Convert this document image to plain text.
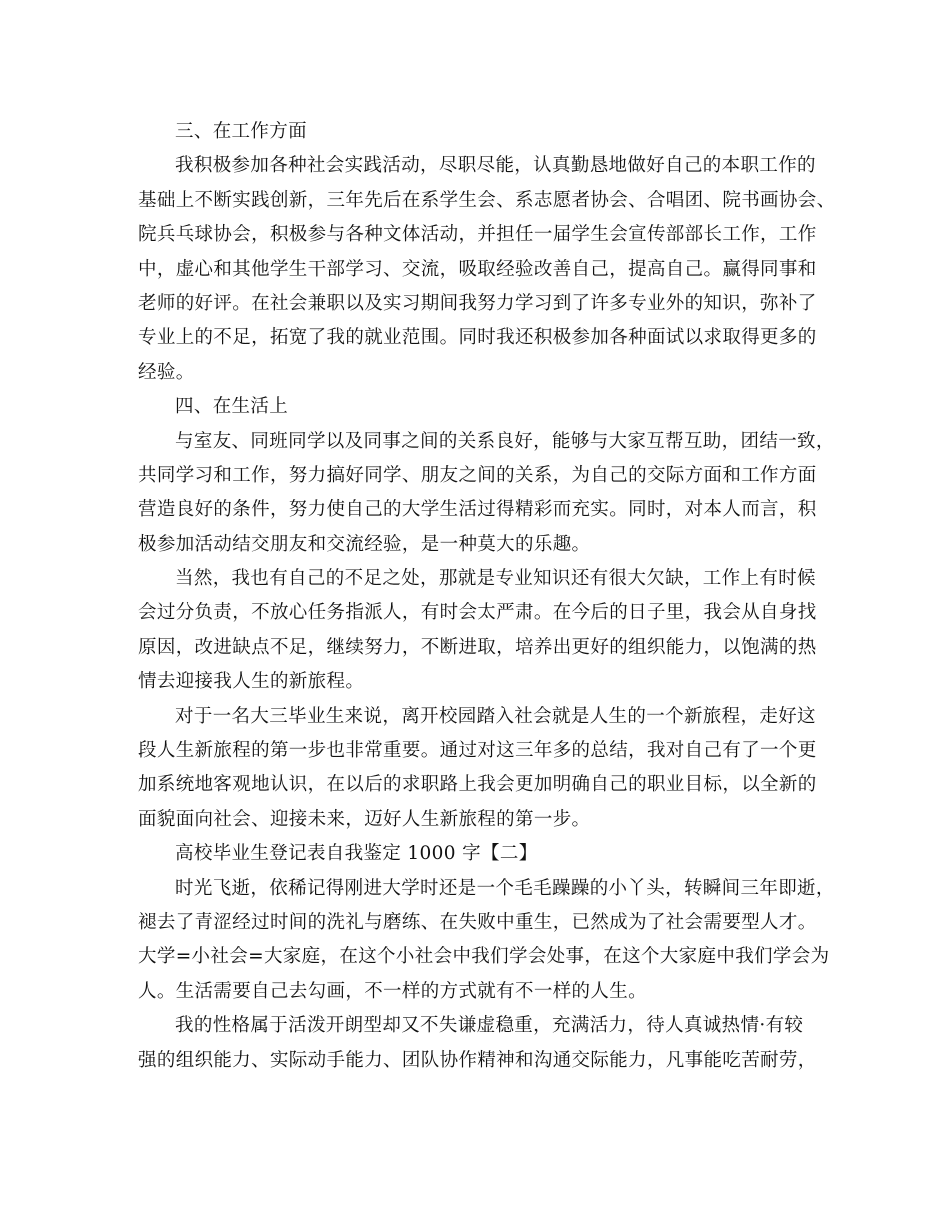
三、在工作方面
我积极参加各种社会实践活动，尽职尽能，认真勤恳地做好自己的本职工作的
基础上不断实践创新，三年先后在系学生会、系志愿者协会、合唱团、院书画协会、
院兵乓球协会，积极参与各种文体活动，并担任一届学生会宣传部部长工作，工作
中，虚心和其他学生干部学习、交流，吸取经验改善自己，提高自己。赢得同事和
老师的好评。在社会兼职以及实习期间我努力学习到了许多专业外的知识，弥补了
专业上的不足，拓宽了我的就业范围。同时我还积极参加各种面试以求取得更多的
经验。
四、在生活上
与室友、同班同学以及同事之间的关系良好，能够与大家互帮互助，团结一致，
共同学习和工作，努力搞好同学、朋友之间的关系，为自己的交际方面和工作方面
营造良好的条件，努力使自己的大学生活过得精彩而充实。同时，对本人而言，积
极参加活动结交朋友和交流经验，是一种莫大的乐趣。
当然，我也有自己的不足之处，那就是专业知识还有很大欠缺，工作上有时候
会过分负责，不放心任务指派人，有时会太严肃。在今后的日子里，我会从自身找
原因，改进缺点不足，继续努力，不断进取，培养出更好的组织能力，以饱满的热
情去迎接我人生的新旅程。
对于一名大三毕业生来说，离开校园踏入社会就是人生的一个新旅程，走好这
段人生新旅程的第一步也非常重要。通过对这三年多的总结，我对自己有了一个更
加系统地客观地认识，在以后的求职路上我会更加明确自己的职业目标，以全新的
面貌面向社会、迎接未来，迈好人生新旅程的第一步。
高校毕业生登记表自我鉴定 1000 字【二】
时光飞逝，依稀记得刚进大学时还是一个毛毛躁躁的小丫头，转瞬间三年即逝，
褪去了青涩经过时间的洗礼与磨练、在失败中重生，已然成为了社会需要型人才。
大学=小社会=大家庭，在这个小社会中我们学会处事，在这个大家庭中我们学会为
人。生活需要自己去勾画，不一样的方式就有不一样的人生。
我的性格属于活泼开朗型却又不失谦虚稳重，充满活力，待人真诚热情·有较
强的组织能力、实际动手能力、团队协作精神和沟通交际能力，凡事能吃苦耐劳，
